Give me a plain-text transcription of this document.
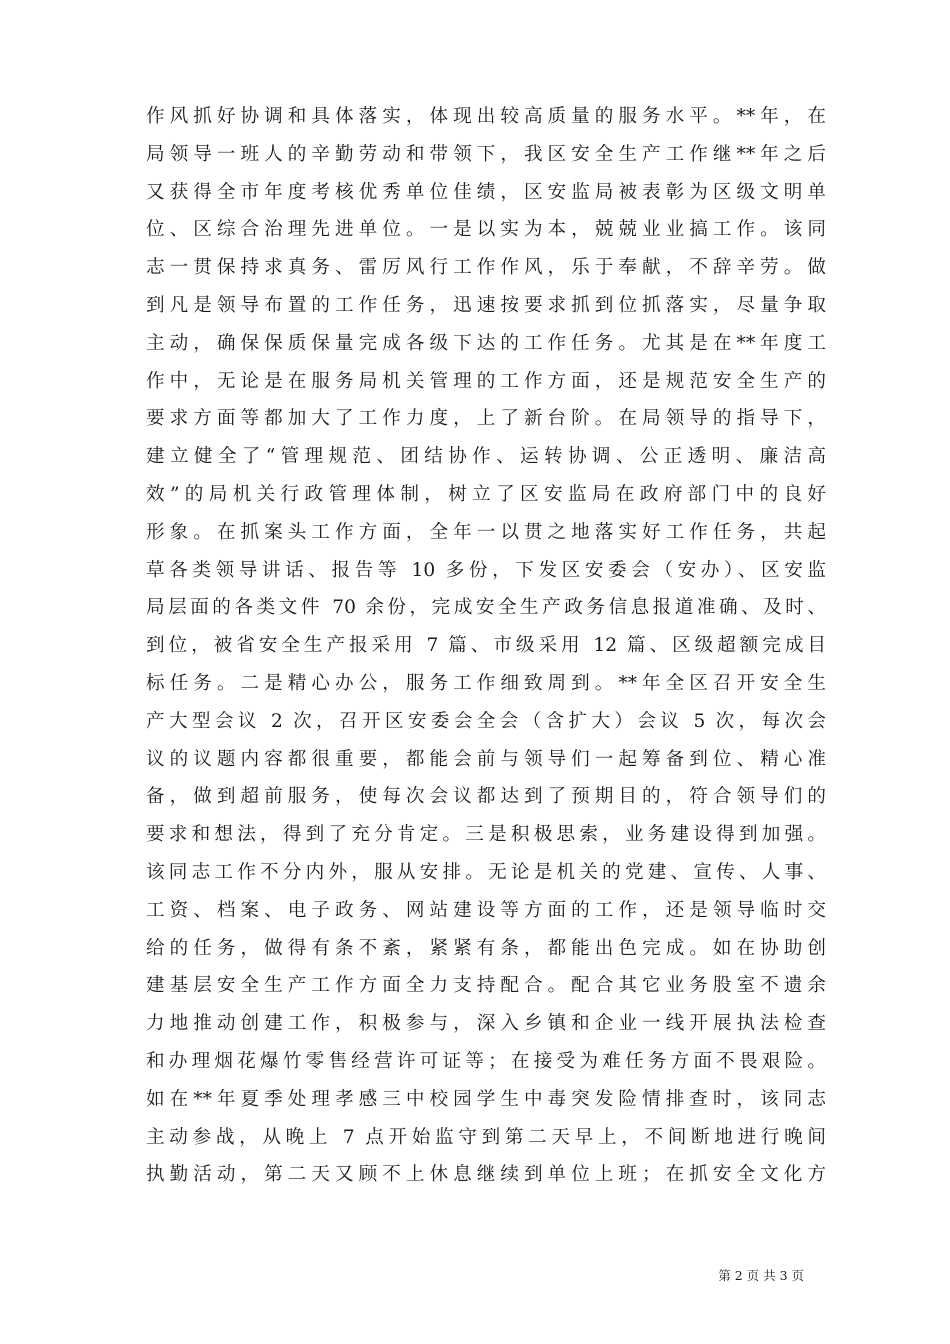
作风抓好协调和具体落实，体现出较高质量的服务水平。**年，在
局领导一班人的辛勤劳动和带领下，我区安全生产工作继**年之后
又获得全市年度考核优秀单位佳绩，区安监局被表彰为区级文明单
位、区综合治理先进单位。一是以实为本，兢兢业业搞工作。该同
志一贯保持求真务、雷厉风行工作作风，乐于奉献，不辞辛劳。做
到凡是领导布置的工作任务，迅速按要求抓到位抓落实，尽量争取
主动，确保保质保量完成各级下达的工作任务。尤其是在**年度工
作中，无论是在服务局机关管理的工作方面，还是规范安全生产的
要求方面等都加大了工作力度，上了新台阶。在局领导的指导下，
建立健全了“管理规范、团结协作、运转协调、公正透明、廉洁高
效”的局机关行政管理体制，树立了区安监局在政府部门中的良好
形象。在抓案头工作方面，全年一以贯之地落实好工作任务，共起
草各类领导讲话、报告等 10 多份，下发区安委会（安办）、区安监
局层面的各类文件 70 余份，完成安全生产政务信息报道准确、及时、
到位，被省安全生产报采用 7 篇、市级采用 12 篇、区级超额完成目
标任务。二是精心办公，服务工作细致周到。**年全区召开安全生
产大型会议 2 次，召开区安委会全会（含扩大）会议 5 次，每次会
议的议题内容都很重要，都能会前与领导们一起筹备到位、精心准
备，做到超前服务，使每次会议都达到了预期目的，符合领导们的
要求和想法，得到了充分肯定。三是积极思索，业务建设得到加强。
该同志工作不分内外，服从安排。无论是机关的党建、宣传、人事、
工资、档案、电子政务、网站建设等方面的工作，还是领导临时交
给的任务，做得有条不紊，紧紧有条，都能出色完成。如在协助创
建基层安全生产工作方面全力支持配合。配合其它业务股室不遗余
力地推动创建工作，积极参与，深入乡镇和企业一线开展执法检查
和办理烟花爆竹零售经营许可证等；在接受为难任务方面不畏艰险。
如在**年夏季处理孝感三中校园学生中毒突发险情排查时，该同志
主动参战，从晚上 7 点开始监守到第二天早上，不间断地进行晚间
执勤活动，第二天又顾不上休息继续到单位上班；在抓安全文化方
第 2 页 共 3 页
